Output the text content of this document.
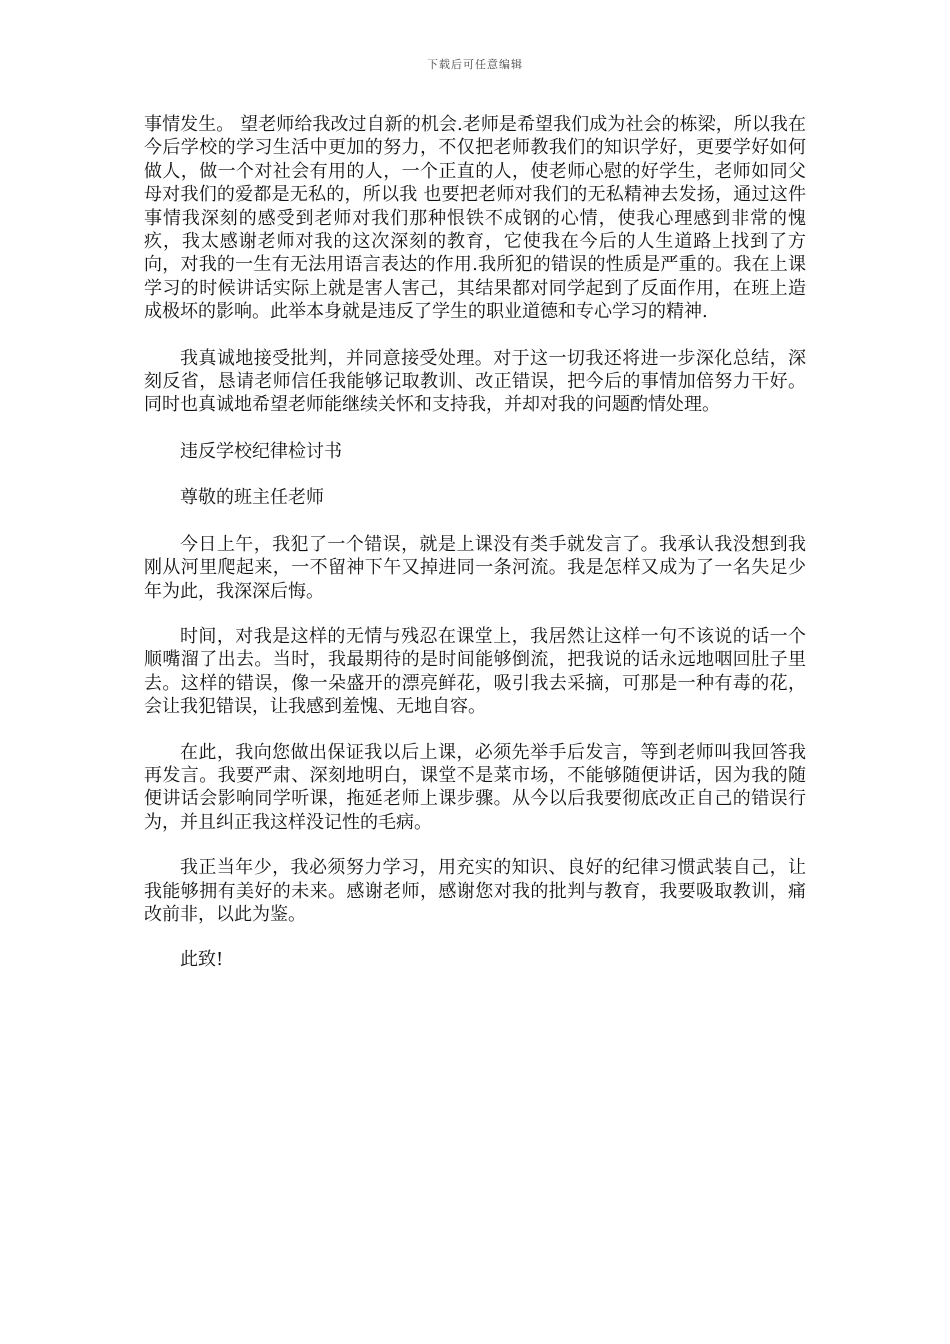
下载后可任意编辑

事情发生。 望老师给我改过自新的机会.老师是希望我们成为社会的栋梁，所以我在今后学校的学习生活中更加的努力，不仅把老师教我们的知识学好，更要学好如何做人，做一个对社会有用的人，一个正直的人，使老师心慰的好学生，老师如同父母对我们的爱都是无私的，所以我 也要把老师对我们的无私精神去发扬，通过这件事情我深刻的感受到老师对我们那种恨铁不成钢的心情，使我心理感到非常的愧疚，我太感谢老师对我的这次深刻的教育，它使我在今后的人生道路上找到了方向，对我的一生有无法用语言表达的作用.我所犯的错误的性质是严重的。我在上课学习的时候讲话实际上就是害人害己，其结果都对同学起到了反面作用，在班上造成极坏的影响。此举本身就是违反了学生的职业道德和专心学习的精神.

我真诚地接受批判，并同意接受处理。对于这一切我还将进一步深化总结，深刻反省，恳请老师信任我能够记取教训、改正错误，把今后的事情加倍努力干好。同时也真诚地希望老师能继续关怀和支持我，并却对我的问题酌情处理。

违反学校纪律检讨书

尊敬的班主任老师

今日上午，我犯了一个错误，就是上课没有类手就发言了。我承认我没想到我刚从河里爬起来，一不留神下午又掉进同一条河流。我是怎样又成为了一名失足少年为此，我深深后悔。

时间，对我是这样的无情与残忍在课堂上，我居然让这样一句不该说的话一个顺嘴溜了出去。当时，我最期待的是时间能够倒流，把我说的话永远地咽回肚子里去。这样的错误，像一朵盛开的漂亮鲜花，吸引我去采摘，可那是一种有毒的花，会让我犯错误，让我感到羞愧、无地自容。

在此，我向您做出保证我以后上课，必须先举手后发言，等到老师叫我回答我再发言。我要严肃、深刻地明白，课堂不是菜市场，不能够随便讲话，因为我的随便讲话会影响同学听课，拖延老师上课步骤。从今以后我要彻底改正自己的错误行为，并且纠正我这样没记性的毛病。

我正当年少，我必须努力学习，用充实的知识、良好的纪律习惯武装自己，让我能够拥有美好的未来。感谢老师，感谢您对我的批判与教育，我要吸取教训，痛改前非，以此为鉴。

此致!
